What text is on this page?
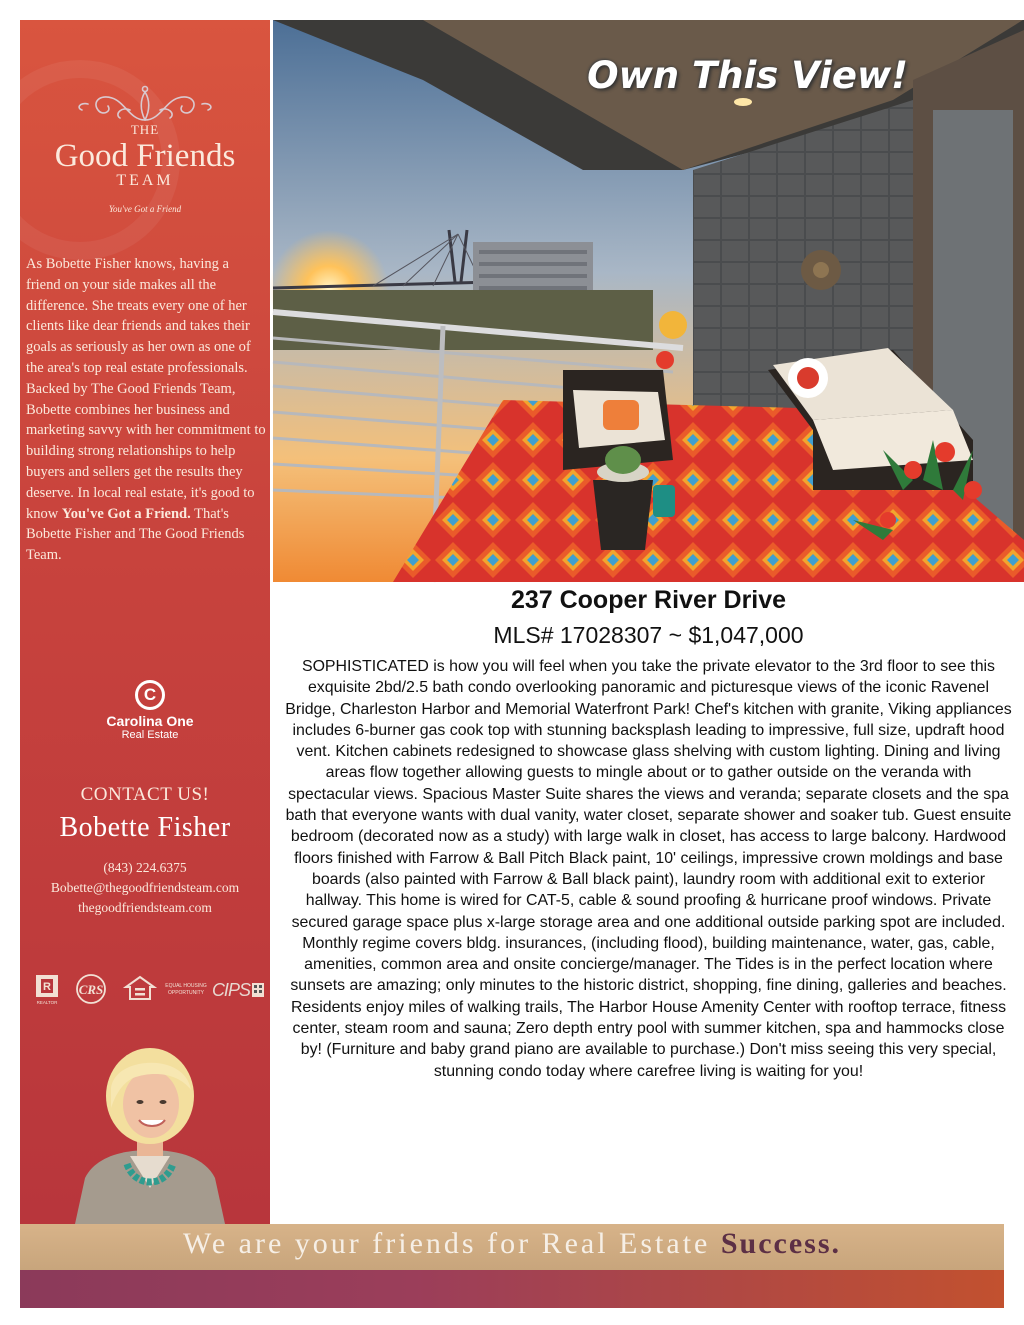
THE
Good Friends
TEAM
You've Got a Friend
As Bobette Fisher knows, having a friend on your side makes all the difference. She treats every one of her clients like dear friends and takes their goals as seriously as her own as one of the area's top real estate professionals. Backed by The Good Friends Team, Bobette combines her business and marketing savvy with her commitment to building strong relationships to help buyers and sellers get the results they deserve. In local real estate, it's good to know You've Got a Friend. That's Bobette Fisher and The Good Friends Team.
C
Carolina One
Real Estate
CONTACT US!
Bobette Fisher
(843) 224.6375
Bobette@thegoodfriendsteam.com
thegoodfriendsteam.com
R
REALTOR
CRS	EQUAL HOUSING
OPPORTUNITY CIPS
Own This View!
237 Cooper River Drive
MLS# 17028307 ~ $1,047,000
SOPHISTICATED is how you will feel when you take the private elevator to the 3rd floor to see this exquisite 2bd/2.5 bath condo overlooking panoramic and picturesque views of the iconic Ravenel Bridge, Charleston Harbor and Memorial Waterfront Park! Chef's kitchen with granite, Viking appliances includes 6-burner gas cook top with stunning backsplash leading to impressive, full size, updraft hood vent. Kitchen cabinets redesigned to showcase glass shelving with custom lighting. Dining and living areas flow together allowing guests to mingle about or to gather outside on the veranda with spectacular views. Spacious Master Suite shares the views and veranda; separate closets and the spa bath that everyone wants with dual vanity, water closet, separate shower and soaker tub. Guest ensuite bedroom (decorated now as a study) with large walk in closet, has access to large balcony. Hardwood floors finished with Farrow & Ball Pitch Black paint, 10' ceilings, impressive crown moldings and base boards (also painted with Farrow & Ball black paint), laundry room with additional exit to exterior hallway. This home is wired for CAT-5, cable & sound proofing & hurricane proof windows. Private secured garage space plus x-large storage area and one additional outside parking spot are included. Monthly regime covers bldg. insurances, (including flood), building maintenance, water, gas, cable, amenities, common area and onsite concierge/manager. The Tides is in the perfect location where sunsets are amazing; only minutes to the historic district, shopping, fine dining, galleries and beaches. Residents enjoy miles of walking trails, The Harbor House Amenity Center with rooftop terrace, fitness center, steam room and sauna; Zero depth entry pool with summer kitchen, spa and hammocks close by! (Furniture and baby grand piano are available to purchase.) Don't miss seeing this very special, stunning condo today where carefree living is waiting for you!
We are your friends for Real Estate Success.
